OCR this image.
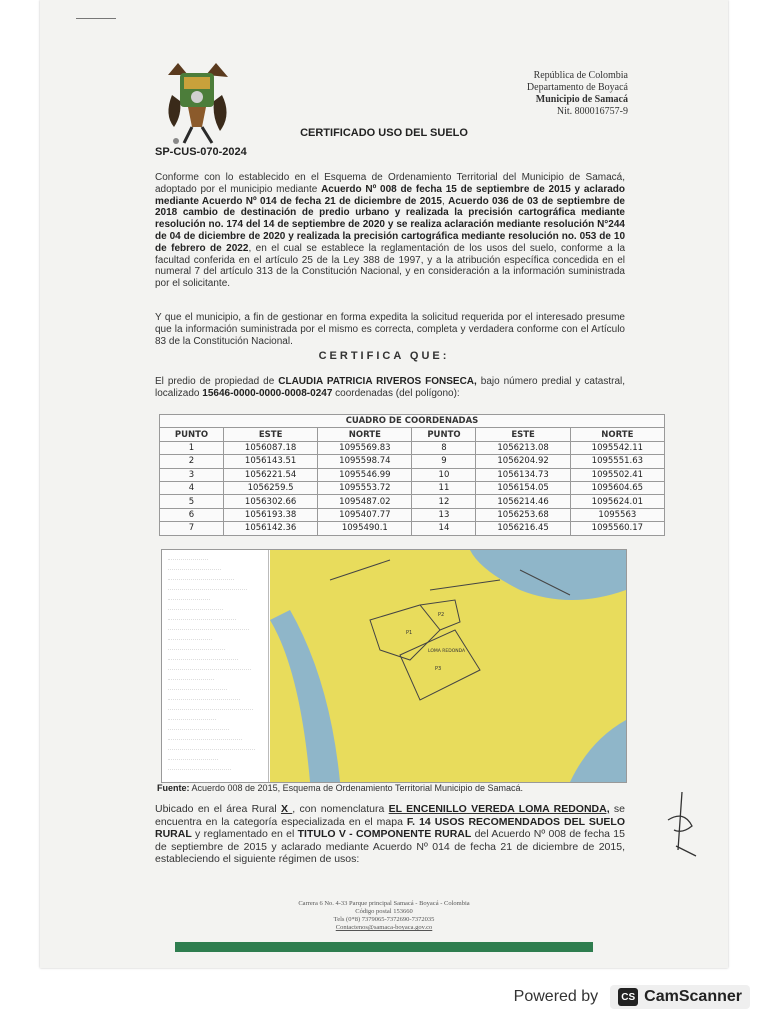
República de Colombia
Departamento de Boyacá
Municipio de Samacá
Nit. 800016757-9
CERTIFICADO USO DEL SUELO
SP-CUS-070-2024
Conforme con lo establecido en el Esquema de Ordenamiento Territorial del Municipio de Samacá, adoptado por el municipio mediante Acuerdo Nº 008 de fecha 15 de septiembre de 2015 y aclarado mediante Acuerdo Nº 014 de fecha 21 de diciembre de 2015, Acuerdo 036 de 03 de septiembre de 2018 cambio de destinación de predio urbano y realizada la precisión cartográfica mediante resolución no. 174 del 14 de septiembre de 2020 y se realiza aclaración mediante resolución N°244 de 04 de diciembre de 2020 y realizada la precisión cartográfica mediante resolución no. 053 de 10 de febrero de 2022, en el cual se establece la reglamentación de los usos del suelo, conforme a la facultad conferida en el artículo 25 de la Ley 388 de 1997, y a la atribución específica concedida en el numeral 7 del artículo 313 de la Constitución Nacional, y en consideración a la información suministrada por el solicitante.
Y que el municipio, a fin de gestionar en forma expedita la solicitud requerida por el interesado presume que la información suministrada por el mismo es correcta, completa y verdadera conforme con el Artículo 83 de la Constitución Nacional.
CERTIFICA QUE:
El predio de propiedad de CLAUDIA PATRICIA RIVEROS FONSECA, bajo número predial y catastral, localizado 15646-0000-0000-0008-0247 coordenadas (del polígono):
CUADRO DE COORDENADAS					
PUNTO	ESTE	NORTE	PUNTO	ESTE	NORTE
1	1056087.18	1095569.83	8	1056213.08	1095542.11
2	1056143.51	1095598.74	9	1056204.92	1095551.63
3	1056221.54	1095546.99	10	1056134.73	1095502.41
4	1056259.5	1095553.72	11	1056154.05	1095604.65
5	1056302.66	1095487.02	12	1056214.46	1095624.01
6	1056193.38	1095407.77	13	1056253.68	1095563
7	1056142.36	1095490.1	14	1056216.45	1095560.17
P1
P2
P3
LOMA REDONDA
Fuente: Acuerdo 008 de 2015, Esquema de Ordenamiento Territorial Municipio de Samacá.
Ubicado en el área Rural X , con nomenclatura EL ENCENILLO VEREDA LOMA REDONDA, se encuentra en la categoría especializada en el mapa F. 14 USOS RECOMENDADOS DEL SUELO RURAL y reglamentado en el TITULO V - COMPONENTE RURAL del Acuerdo Nº 008 de fecha 15 de septiembre de 2015 y aclarado mediante Acuerdo Nº 014 de fecha 21 de diciembre de 2015, estableciendo el siguiente régimen de usos:
Carrera 6 No. 4-33 Parque principal Samacá - Boyacá - Colombia
Código postal 153660
Tels (0*8) 7379065-7372690-7372035
Contactenos@samaca-boyaca.gov.co
Powered by	CS CamScanner
